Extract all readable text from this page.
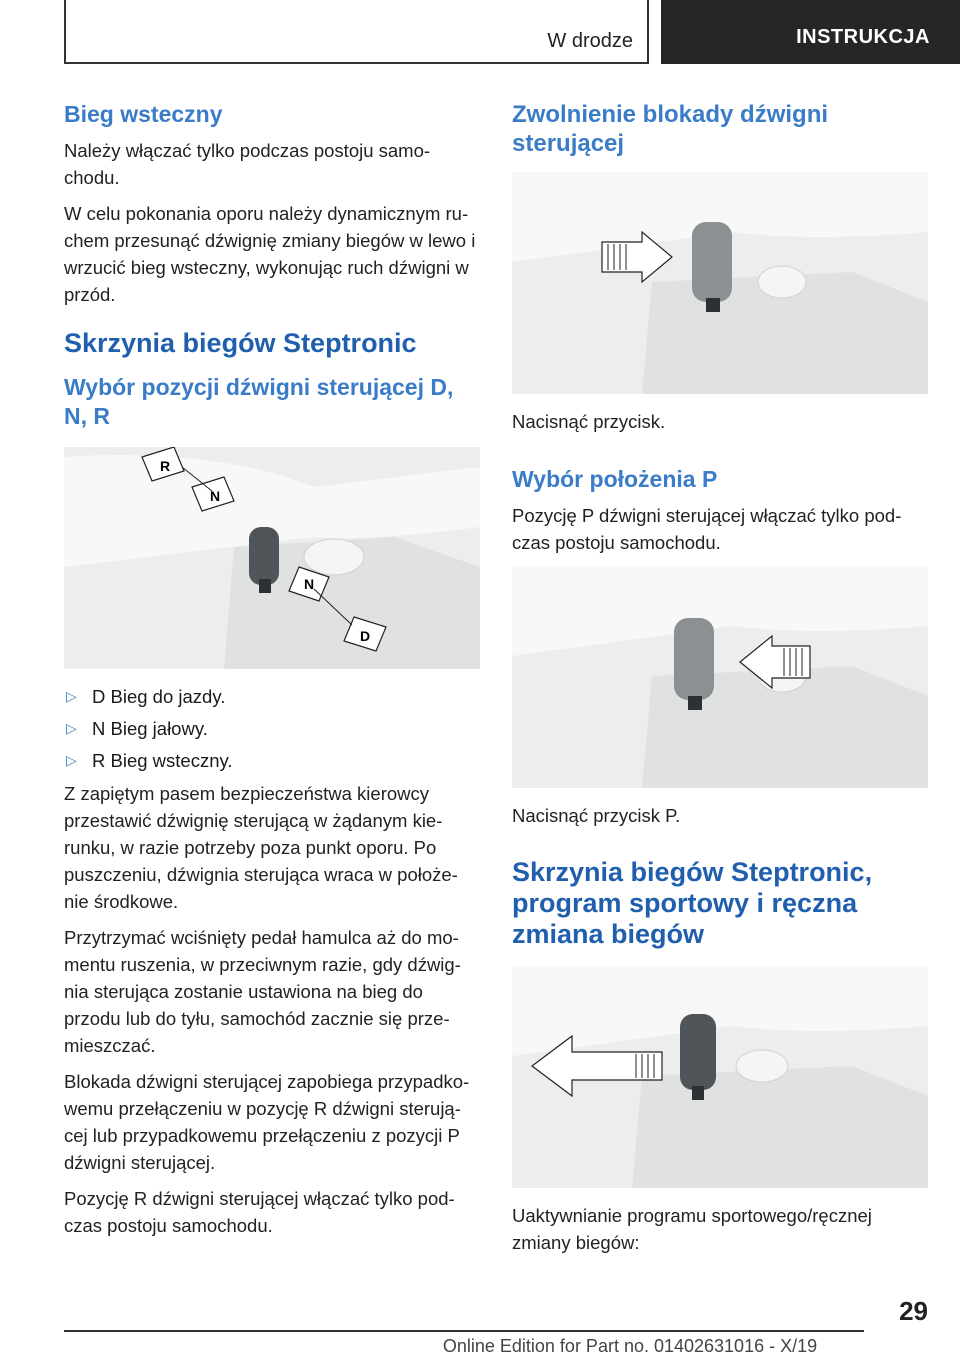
W drodze	INSTRUKCJA
Bieg wsteczny

Należy włączać tylko podczas postoju samo-chodu.

W celu pokonania oporu należy dynamicznym ru-chem przesunąć dźwignię zmiany biegów w lewo i wrzucić bieg wsteczny, wykonując ruch dźwigni w przód.

Skrzynia biegów Steptronic
Wybór pozycji dźwigni sterującej D, N, R
R
N
N
D
▷ D Bieg do jazdy.
▷ N Bieg jałowy.
▷ R Bieg wsteczny.

Z zapiętym pasem bezpieczeństwa kierowcy przestawić dźwignię sterującą w żądanym kie-runku, w razie potrzeby poza punkt oporu. Po puszczeniu, dźwignia sterująca wraca w położe-nie środkowe.

Przytrzymać wciśnięty pedał hamulca aż do mo-mentu ruszenia, w przeciwnym razie, gdy dźwig-nia sterująca zostanie ustawiona na bieg do przodu lub do tyłu, samochód zacznie się prze-mieszczać.

Blokada dźwigni sterującej zapobiega przypadko-wemu przełączeniu w pozycję R dźwigni sterują-cej lub przypadkowemu przełączeniu z pozycji P dźwigni sterującej.

Pozycję R dźwigni sterującej włączać tylko pod-czas postoju samochodu.

Zwolnienie blokady dźwigni sterującej

Nacisnąć przycisk.

Wybór położenia P

Pozycję P dźwigni sterującej włączać tylko pod-czas postoju samochodu.

Nacisnąć przycisk P.

Skrzynia biegów Steptronic, program sportowy i ręczna zmiana biegów

Uaktywnianie programu sportowego/ręcznej zmiany biegów:

29
Online Edition for Part no. 01402631016 - X/19
